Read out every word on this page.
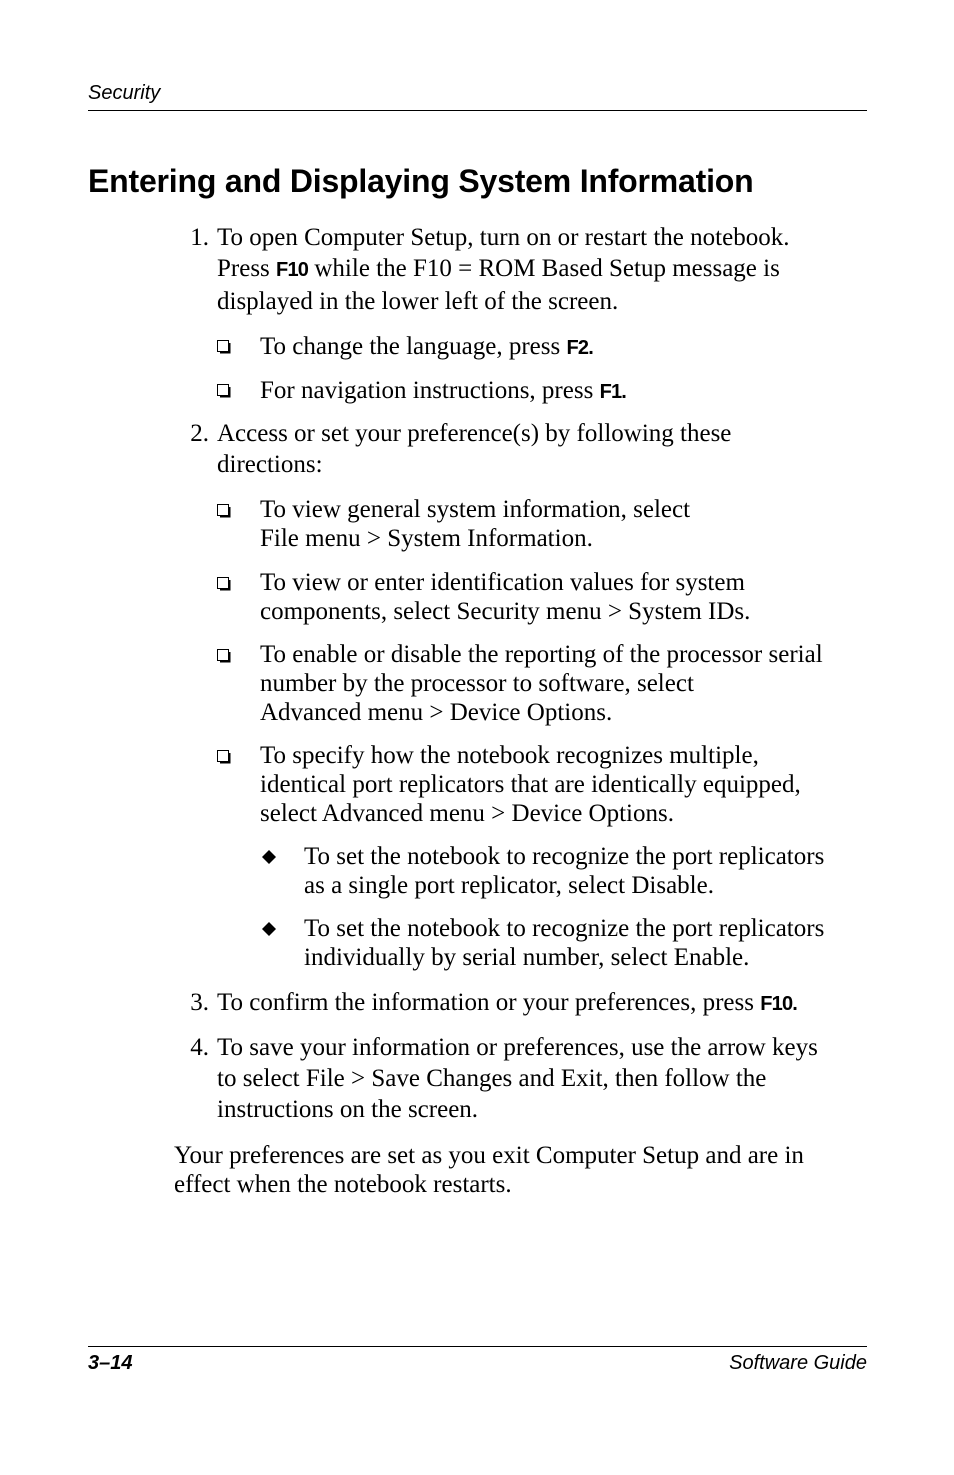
Security
Entering and Displaying System Information
1. To open Computer Setup, turn on or restart the notebook.
Press F10 while the F10 = ROM Based Setup message is
displayed in the lower left of the screen.
To change the language, press F2.
For navigation instructions, press F1.
2. Access or set your preference(s) by following these
directions:
To view general system information, select
File menu > System Information.
To view or enter identification values for system
components, select Security menu > System IDs.
To enable or disable the reporting of the processor serial
number by the processor to software, select
Advanced menu > Device Options.
To specify how the notebook recognizes multiple,
identical port replicators that are identically equipped,
select Advanced menu > Device Options.
To set the notebook to recognize the port replicators
as a single port replicator, select Disable.
To set the notebook to recognize the port replicators
individually by serial number, select Enable.
3. To confirm the information or your preferences, press F10.
4. To save your information or preferences, use the arrow keys
to select File > Save Changes and Exit, then follow the
instructions on the screen.
Your preferences are set as you exit Computer Setup and are in
effect when the notebook restarts.
3–14	Software Guide
